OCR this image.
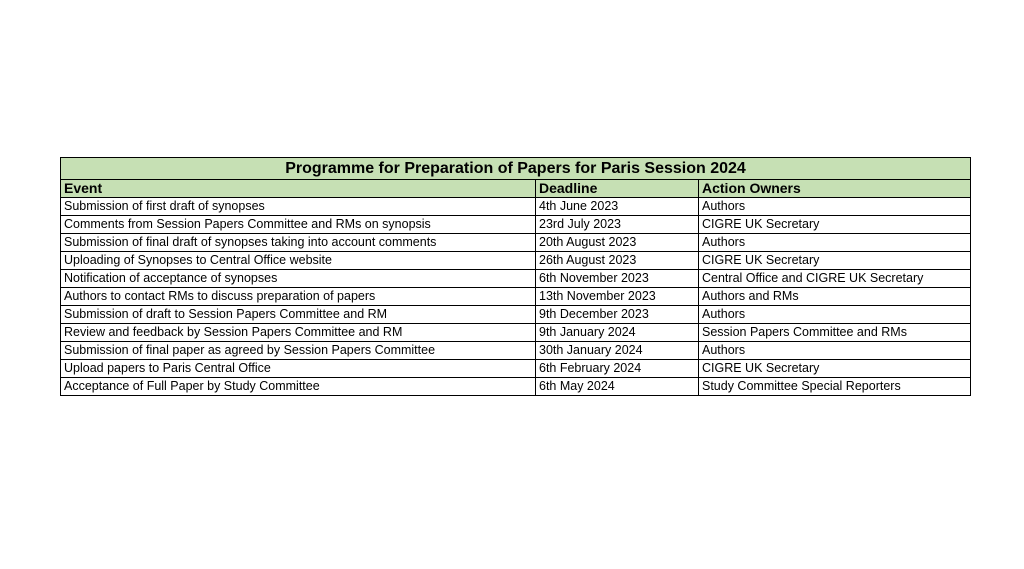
Programme for Preparation of Papers for Paris Session 2024		
Event	Deadline	Action Owners
Submission of first draft of synopses	4th June 2023	Authors
Comments from Session Papers Committee and RMs on synopsis	23rd July 2023	CIGRE UK Secretary
Submission of final draft of synopses taking into account comments	20th August 2023	Authors
Uploading of Synopses to Central Office website	26th August 2023	CIGRE UK Secretary
Notification of acceptance of synopses	6th November 2023	Central Office and CIGRE UK Secretary
Authors to contact RMs to discuss preparation of papers	13th November 2023	Authors and RMs
Submission of draft to Session Papers Committee and RM	9th December 2023	Authors
Review and feedback by Session Papers Committee and RM	9th January 2024	Session Papers Committee and RMs
Submission of final paper as agreed by Session Papers Committee	30th January 2024	Authors
Upload papers to Paris Central Office	6th February 2024	CIGRE UK Secretary
Acceptance of Full Paper by Study Committee	6th May 2024	Study Committee Special Reporters
